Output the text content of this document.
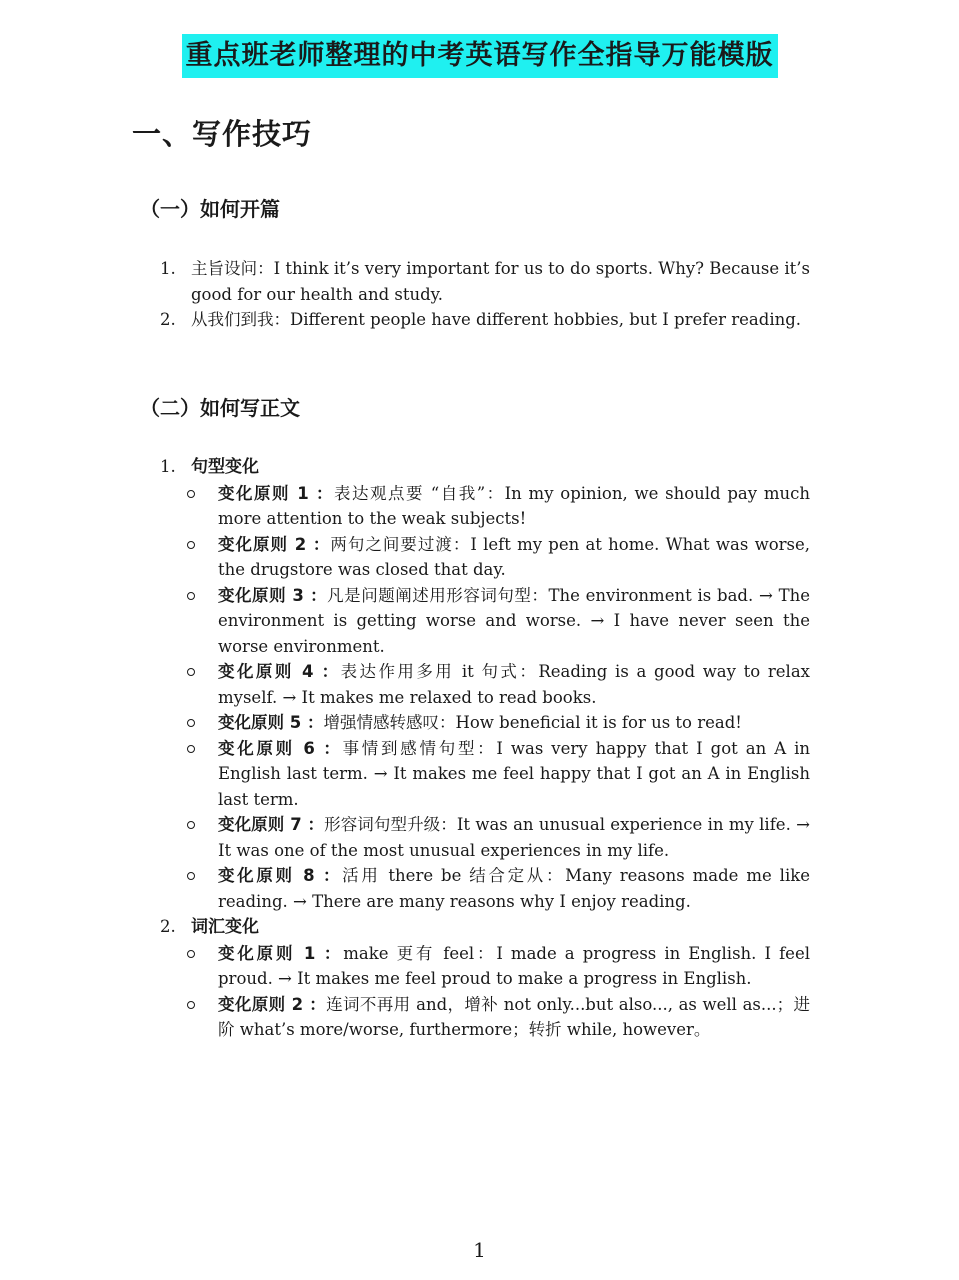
重点班老师整理的中考英语写作全指导万能模版
一、写作技巧
（一）如何开篇
1. 主旨设问：I think it’s very important for us to do sports. Why? Because it’s good for our health and study.
2. 从我们到我：Different people have different hobbies, but I prefer reading.
（二）如何写正文
1. 句型变化
变化原则 1 ：表达观点要 “自我”：In my opinion, we should pay much more attention to the weak subjects!
变化原则 2 ：两句之间要过渡：I left my pen at home. What was worse, the drugstore was closed that day.
变化原则 3 ：凡是问题阐述用形容词句型：The environment is bad. → The environment is getting worse and worse. → I have never seen the worse environment.
变化原则 4 ：表达作用多用 it 句式：Reading is a good way to relax myself. → It makes me relaxed to read books.
变化原则 5 ：增强情感转感叹：How beneficial it is for us to read!
变化原则 6 ：事情到感情句型：I was very happy that I got an A in English last term. → It makes me feel happy that I got an A in English last term.
变化原则 7 ：形容词句型升级：It was an unusual experience in my life. → It was one of the most unusual experiences in my life.
变化原则 8 ：活用 there be 结合定从：Many reasons made me like reading. → There are many reasons why I enjoy reading.
2. 词汇变化
变化原则 1 ：make 更有 feel：I made a progress in English. I feel proud. → It makes me feel proud to make a progress in English.
变化原则 2 ：连词不再用 and，增补 not only...but also..., as well as...；进阶 what’s more/worse, furthermore；转折 while, however。
1
